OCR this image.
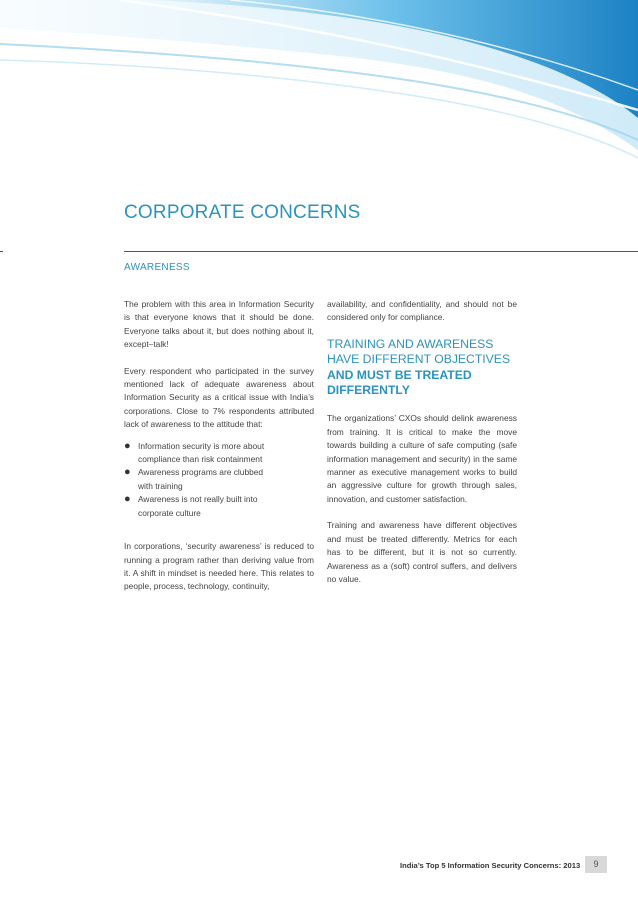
CORPORATE CONCERNS
AWARENESS

The problem with this area in Information Security is that everyone knows that it should be done. Everyone talks about it, but does nothing about it, except–talk!

Every respondent who participated in the survey mentioned lack of adequate awareness about Information Security as a critical issue with India’s corporations. Close to 7% respondents attributed lack of awareness to the attitude that:

● Information security is more about
compliance than risk containment
● Awareness programs are clubbed
with training
● Awareness is not really built into
corporate culture

In corporations, ‘security awareness’ is reduced to running a program rather than deriving value from it. A shift in mindset is needed here. This relates to people, process, technology, continuity,

availability, and confidentiality, and should not be considered only for compliance.

TRAINING AND AWARENESS
HAVE DIFFERENT OBJECTIVES
AND MUST BE TREATED
DIFFERENTLY

The organizations’ CXOs should delink awareness from training. It is critical to make the move towards building a culture of safe computing (safe information management and security) in the same manner as executive management works to build an aggressive culture for growth through sales, innovation, and customer satisfaction.

Training and awareness have different objectives and must be treated differently. Metrics for each has to be different, but it is not so currently. Awareness as a (soft) control suffers, and delivers no value.

India’s Top 5 Information Security Concerns: 2013	9
